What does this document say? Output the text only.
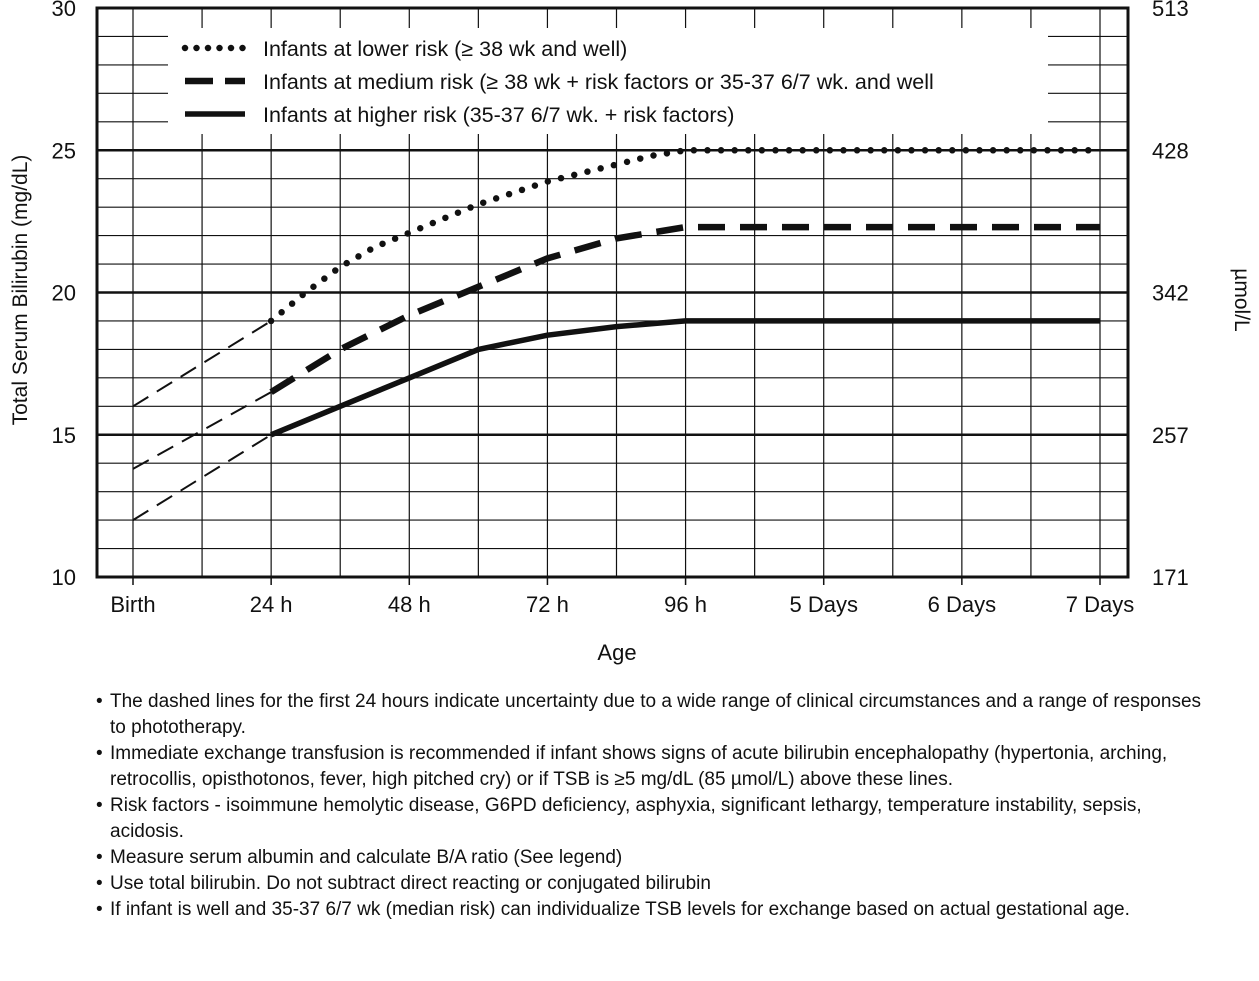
Infants at lower risk (≥ 38 wk and well)
Infants at medium risk (≥ 38 wk + risk factors or 35-37 6/7 wk. and well
Infants at higher risk (35-37 6/7 wk. + risk factors)
10	171
15	257
20	342
25	428
30	513
Birth	24 h	48 h	72 h	96 h	5 Days	6 Days	7 Days
Age
Total Serum Bilirubin (mg/dL)	µmol/L
• The dashed lines for the first 24 hours indicate uncertainty due to a wide range of clinical circumstances and a range of responses to phototherapy.
• Immediate exchange transfusion is recommended if infant shows signs of acute bilirubin encephalopathy (hypertonia, arching, retrocollis, opisthotonos, fever, high pitched cry) or if TSB is ≥5 mg/dL (85 µmol/L) above these lines.
• Risk factors - isoimmune hemolytic disease, G6PD deficiency, asphyxia, significant lethargy, temperature instability, sepsis, acidosis.
• Measure serum albumin and calculate B/A ratio (See legend)
• Use total bilirubin. Do not subtract direct reacting or conjugated bilirubin
• If infant is well and 35-37 6/7 wk (median risk) can individualize TSB levels for exchange based on actual gestational age.
